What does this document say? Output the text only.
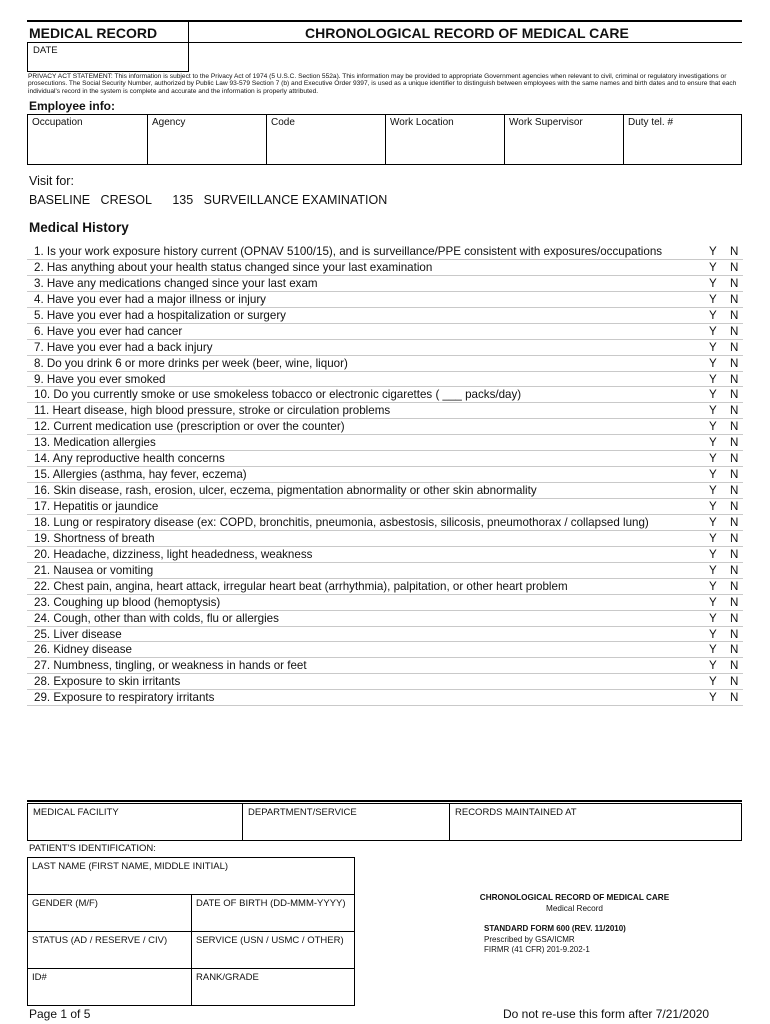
MEDICAL RECORD	CHRONOLOGICAL RECORD OF MEDICAL CARE
DATE
PRIVACY ACT STATEMENT: This information is subject to the Privacy Act of 1974 (5 U.S.C. Section 552a). This information may be provided to appropriate Government agencies when relevant to civil, criminal or regulatory investigations or prosecutions. The Social Security Number, authorized by Public Law 93-579 Section 7 (b) and Executive Order 9397, is used as a unique identifier to distinguish between employees with the same names and birth dates and to ensure that each individual's record in the system is complete and accurate and the information is properly attributed.
Employee info:
Occupation	Agency	Code	Work Location	Work Supervisor	Duty tel. #
Visit for:
BASELINE   CRESOL      135   SURVEILLANCE EXAMINATION
Medical History
1. Is your work exposure history current (OPNAV 5100/15), and is surveillance/PPE consistent with exposures/occupations	Y N
2. Has anything about your health status changed since your last examination	Y N
3. Have any medications changed since your last exam	Y N
4. Have you ever had a major illness or injury	Y N
5. Have you ever had a hospitalization or surgery	Y N
6. Have you ever had cancer	Y N
7. Have you ever had a back injury	Y N
8. Do you drink 6 or more drinks per week (beer, wine, liquor)	Y N
9. Have you ever smoked	Y N
10. Do you currently smoke or use smokeless tobacco or electronic cigarettes ( ___ packs/day)	Y N
11. Heart disease, high blood pressure, stroke or circulation problems	Y N
12. Current medication use (prescription or over the counter)	Y N
13. Medication allergies	Y N
14. Any reproductive health concerns	Y N
15. Allergies (asthma, hay fever, eczema)	Y N
16. Skin disease, rash, erosion, ulcer, eczema, pigmentation abnormality or other skin abnormality	Y N
17. Hepatitis or jaundice	Y N
18. Lung or respiratory disease (ex: COPD, bronchitis, pneumonia, asbestosis, silicosis, pneumothorax / collapsed lung)	Y N
19. Shortness of breath	Y N
20. Headache, dizziness, light headedness, weakness	Y N
21. Nausea or vomiting	Y N
22. Chest pain, angina, heart attack, irregular heart beat (arrhythmia), palpitation, or other heart problem	Y N
23. Coughing up blood (hemoptysis)	Y N
24. Cough, other than with colds, flu or allergies	Y N
25. Liver disease	Y N
26. Kidney disease	Y N
27. Numbness, tingling, or weakness in hands or feet	Y N
28. Exposure to skin irritants	Y N
29. Exposure to respiratory irritants	Y N
MEDICAL FACILITY	DEPARTMENT/SERVICE	RECORDS MAINTAINED AT
PATIENT'S IDENTIFICATION:
LAST NAME (FIRST NAME, MIDDLE INITIAL)
GENDER (M/F)	DATE OF BIRTH (DD-MMM-YYYY)
STATUS (AD / RESERVE / CIV)	SERVICE (USN / USMC / OTHER)
ID#	RANK/GRADE
CHRONOLOGICAL RECORD OF MEDICAL CARE
Medical Record
STANDARD FORM 600 (REV. 11/2010)
Prescribed by GSA/ICMR
FIRMR (41 CFR) 201-9.202-1
Page 1 of 5	Do not re-use this form after 7/21/2020
